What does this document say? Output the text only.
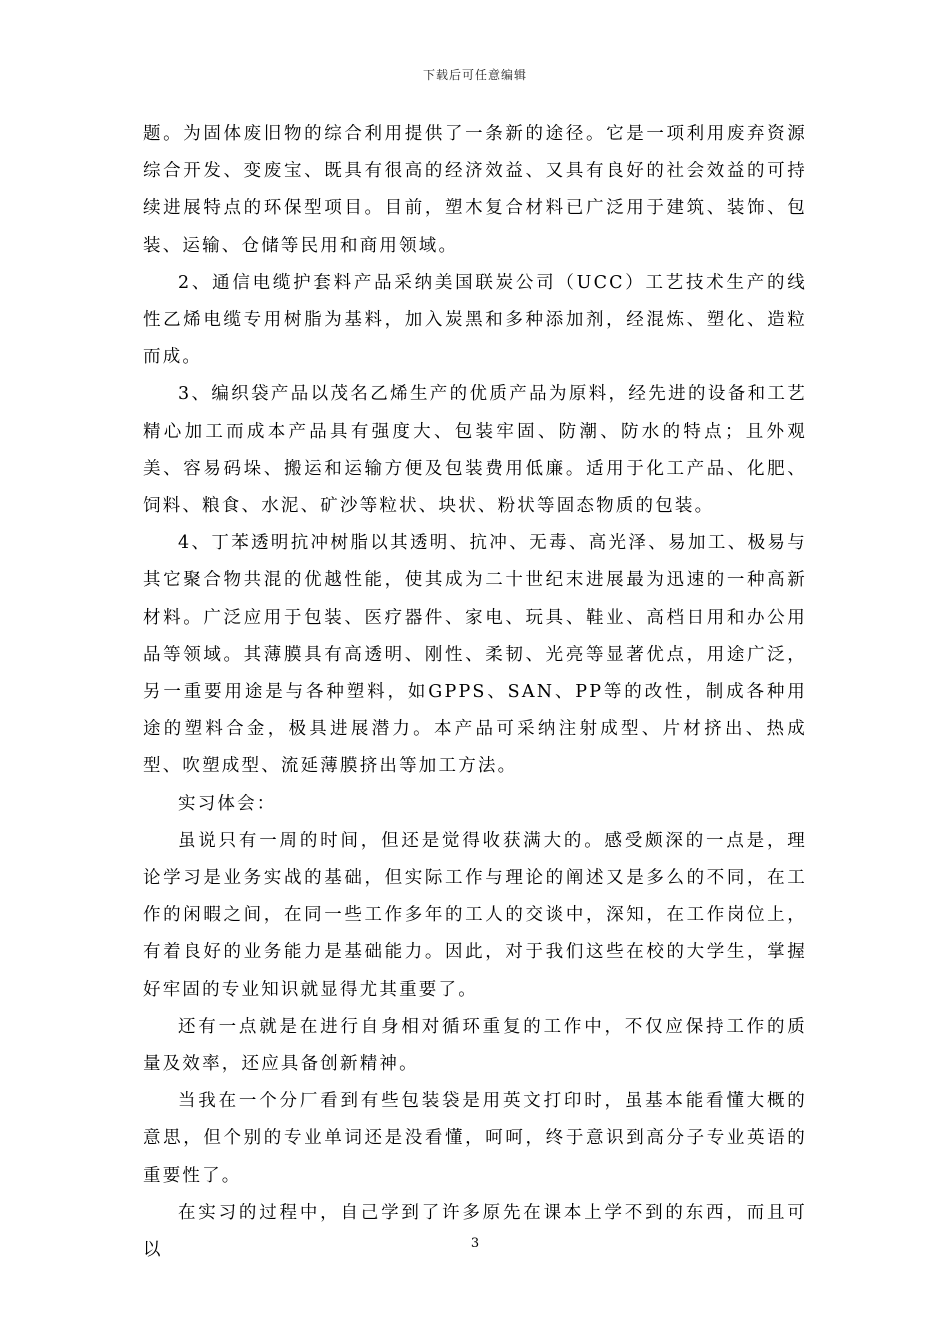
下载后可任意编辑

题。为固体废旧物的综合利用提供了一条新的途径。它是一项利用废弃资源综合开发、变废宝、既具有很高的经济效益、又具有良好的社会效益的可持续进展特点的环保型项目。目前，塑木复合材料已广泛用于建筑、装饰、包装、运输、仓储等民用和商用领域。

2、通信电缆护套料产品采纳美国联炭公司（UCC）工艺技术生产的线性乙烯电缆专用树脂为基料，加入炭黑和多种添加剂，经混炼、塑化、造粒而成。

3、编织袋产品以茂名乙烯生产的优质产品为原料，经先进的设备和工艺精心加工而成本产品具有强度大、包装牢固、防潮、防水的特点；且外观美、容易码垛、搬运和运输方便及包装费用低廉。适用于化工产品、化肥、饲料、粮食、水泥、矿沙等粒状、块状、粉状等固态物质的包装。

4、丁苯透明抗冲树脂以其透明、抗冲、无毒、高光泽、易加工、极易与其它聚合物共混的优越性能，使其成为二十世纪末进展最为迅速的一种高新材料。广泛应用于包装、医疗器件、家电、玩具、鞋业、高档日用和办公用品等领域。其薄膜具有高透明、刚性、柔韧、光亮等显著优点，用途广泛，另一重要用途是与各种塑料，如GPPS、SAN、PP等的改性，制成各种用途的塑料合金，极具进展潜力。本产品可采纳注射成型、片材挤出、热成型、吹塑成型、流延薄膜挤出等加工方法。

实习体会：

虽说只有一周的时间，但还是觉得收获满大的。感受颇深的一点是，理论学习是业务实战的基础，但实际工作与理论的阐述又是多么的不同，在工作的闲暇之间，在同一些工作多年的工人的交谈中，深知，在工作岗位上，有着良好的业务能力是基础能力。因此，对于我们这些在校的大学生，掌握好牢固的专业知识就显得尤其重要了。

还有一点就是在进行自身相对循环重复的工作中，不仅应保持工作的质量及效率，还应具备创新精神。

当我在一个分厂看到有些包装袋是用英文打印时，虽基本能看懂大概的意思，但个别的专业单词还是没看懂，呵呵，终于意识到高分子专业英语的重要性了。

在实习的过程中，自己学到了许多原先在课本上学不到的东西，而且可以	3
